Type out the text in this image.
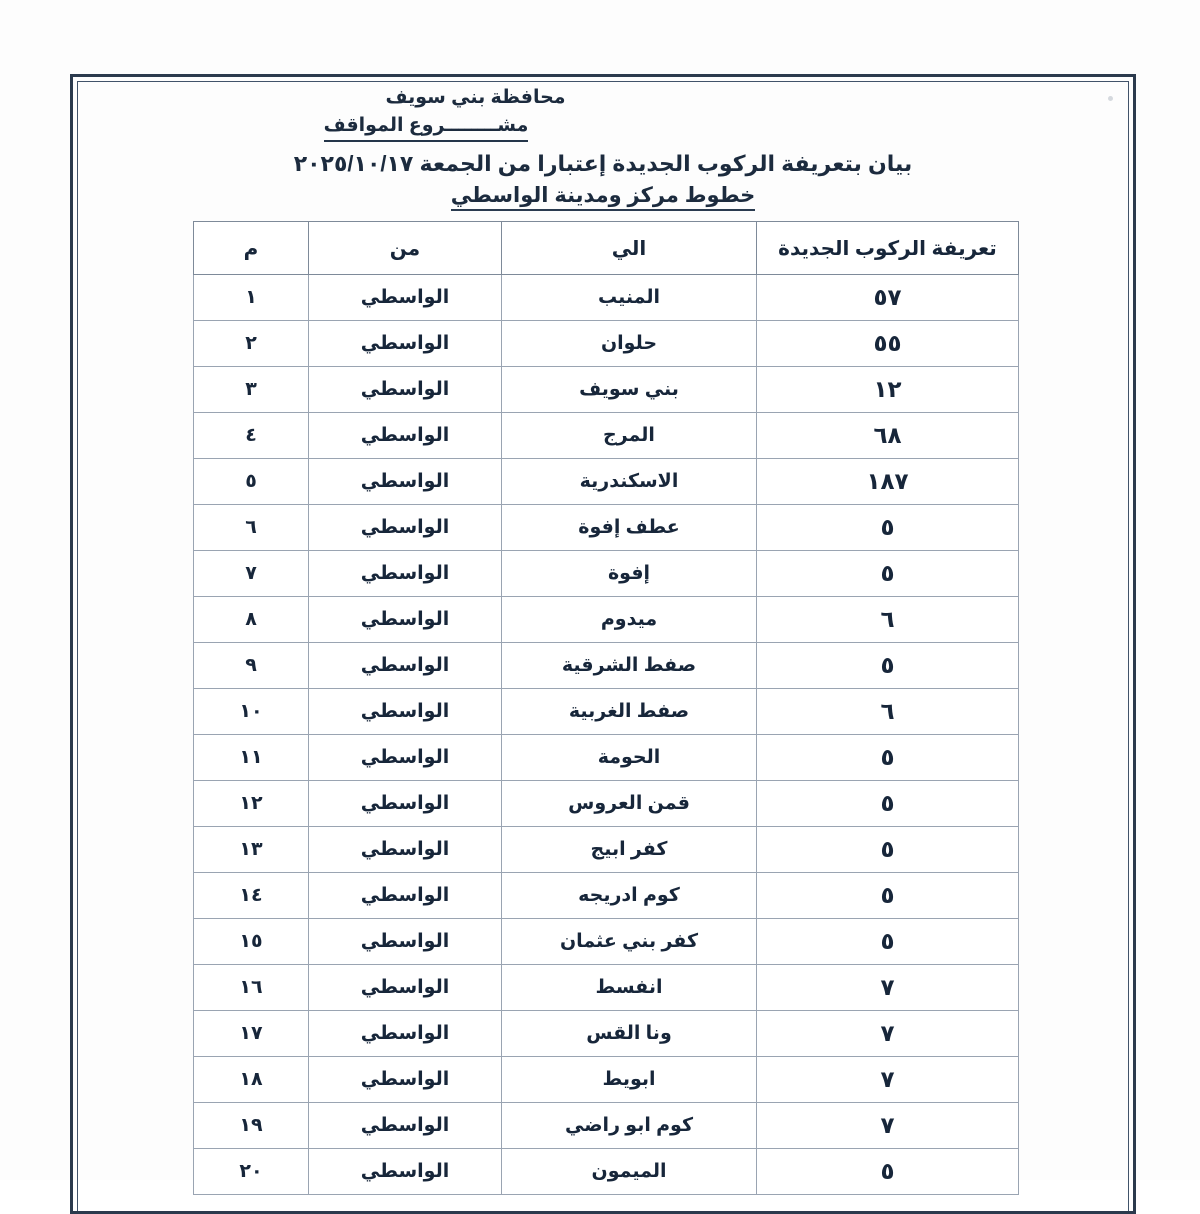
محافظة بني سويف
مشــــــــروع المواقف
بيان بتعريفة الركوب الجديدة إعتبارا من الجمعة ٢٠٢٥/١٠/١٧
خطوط مركز ومدينة الواسطي
تعريفة الركوب الجديدة	الي	من	م
٥٧	المنيب	الواسطي	١
٥٥	حلوان	الواسطي	٢
١٢	بني سويف	الواسطي	٣
٦٨	المرج	الواسطي	٤
١٨٧	الاسكندرية	الواسطي	٥
٥	عطف إفوة	الواسطي	٦
٥	إفوة	الواسطي	٧
٦	ميدوم	الواسطي	٨
٥	صفط الشرقية	الواسطي	٩
٦	صفط الغربية	الواسطي	١٠
٥	الحومة	الواسطي	١١
٥	قمن العروس	الواسطي	١٢
٥	كفر ابيج	الواسطي	١٣
٥	كوم ادريجه	الواسطي	١٤
٥	كفر بني عثمان	الواسطي	١٥
٧	انفسط	الواسطي	١٦
٧	ونا القس	الواسطي	١٧
٧	ابويط	الواسطي	١٨
٧	كوم ابو راضي	الواسطي	١٩
٥	الميمون	الواسطي	٢٠
